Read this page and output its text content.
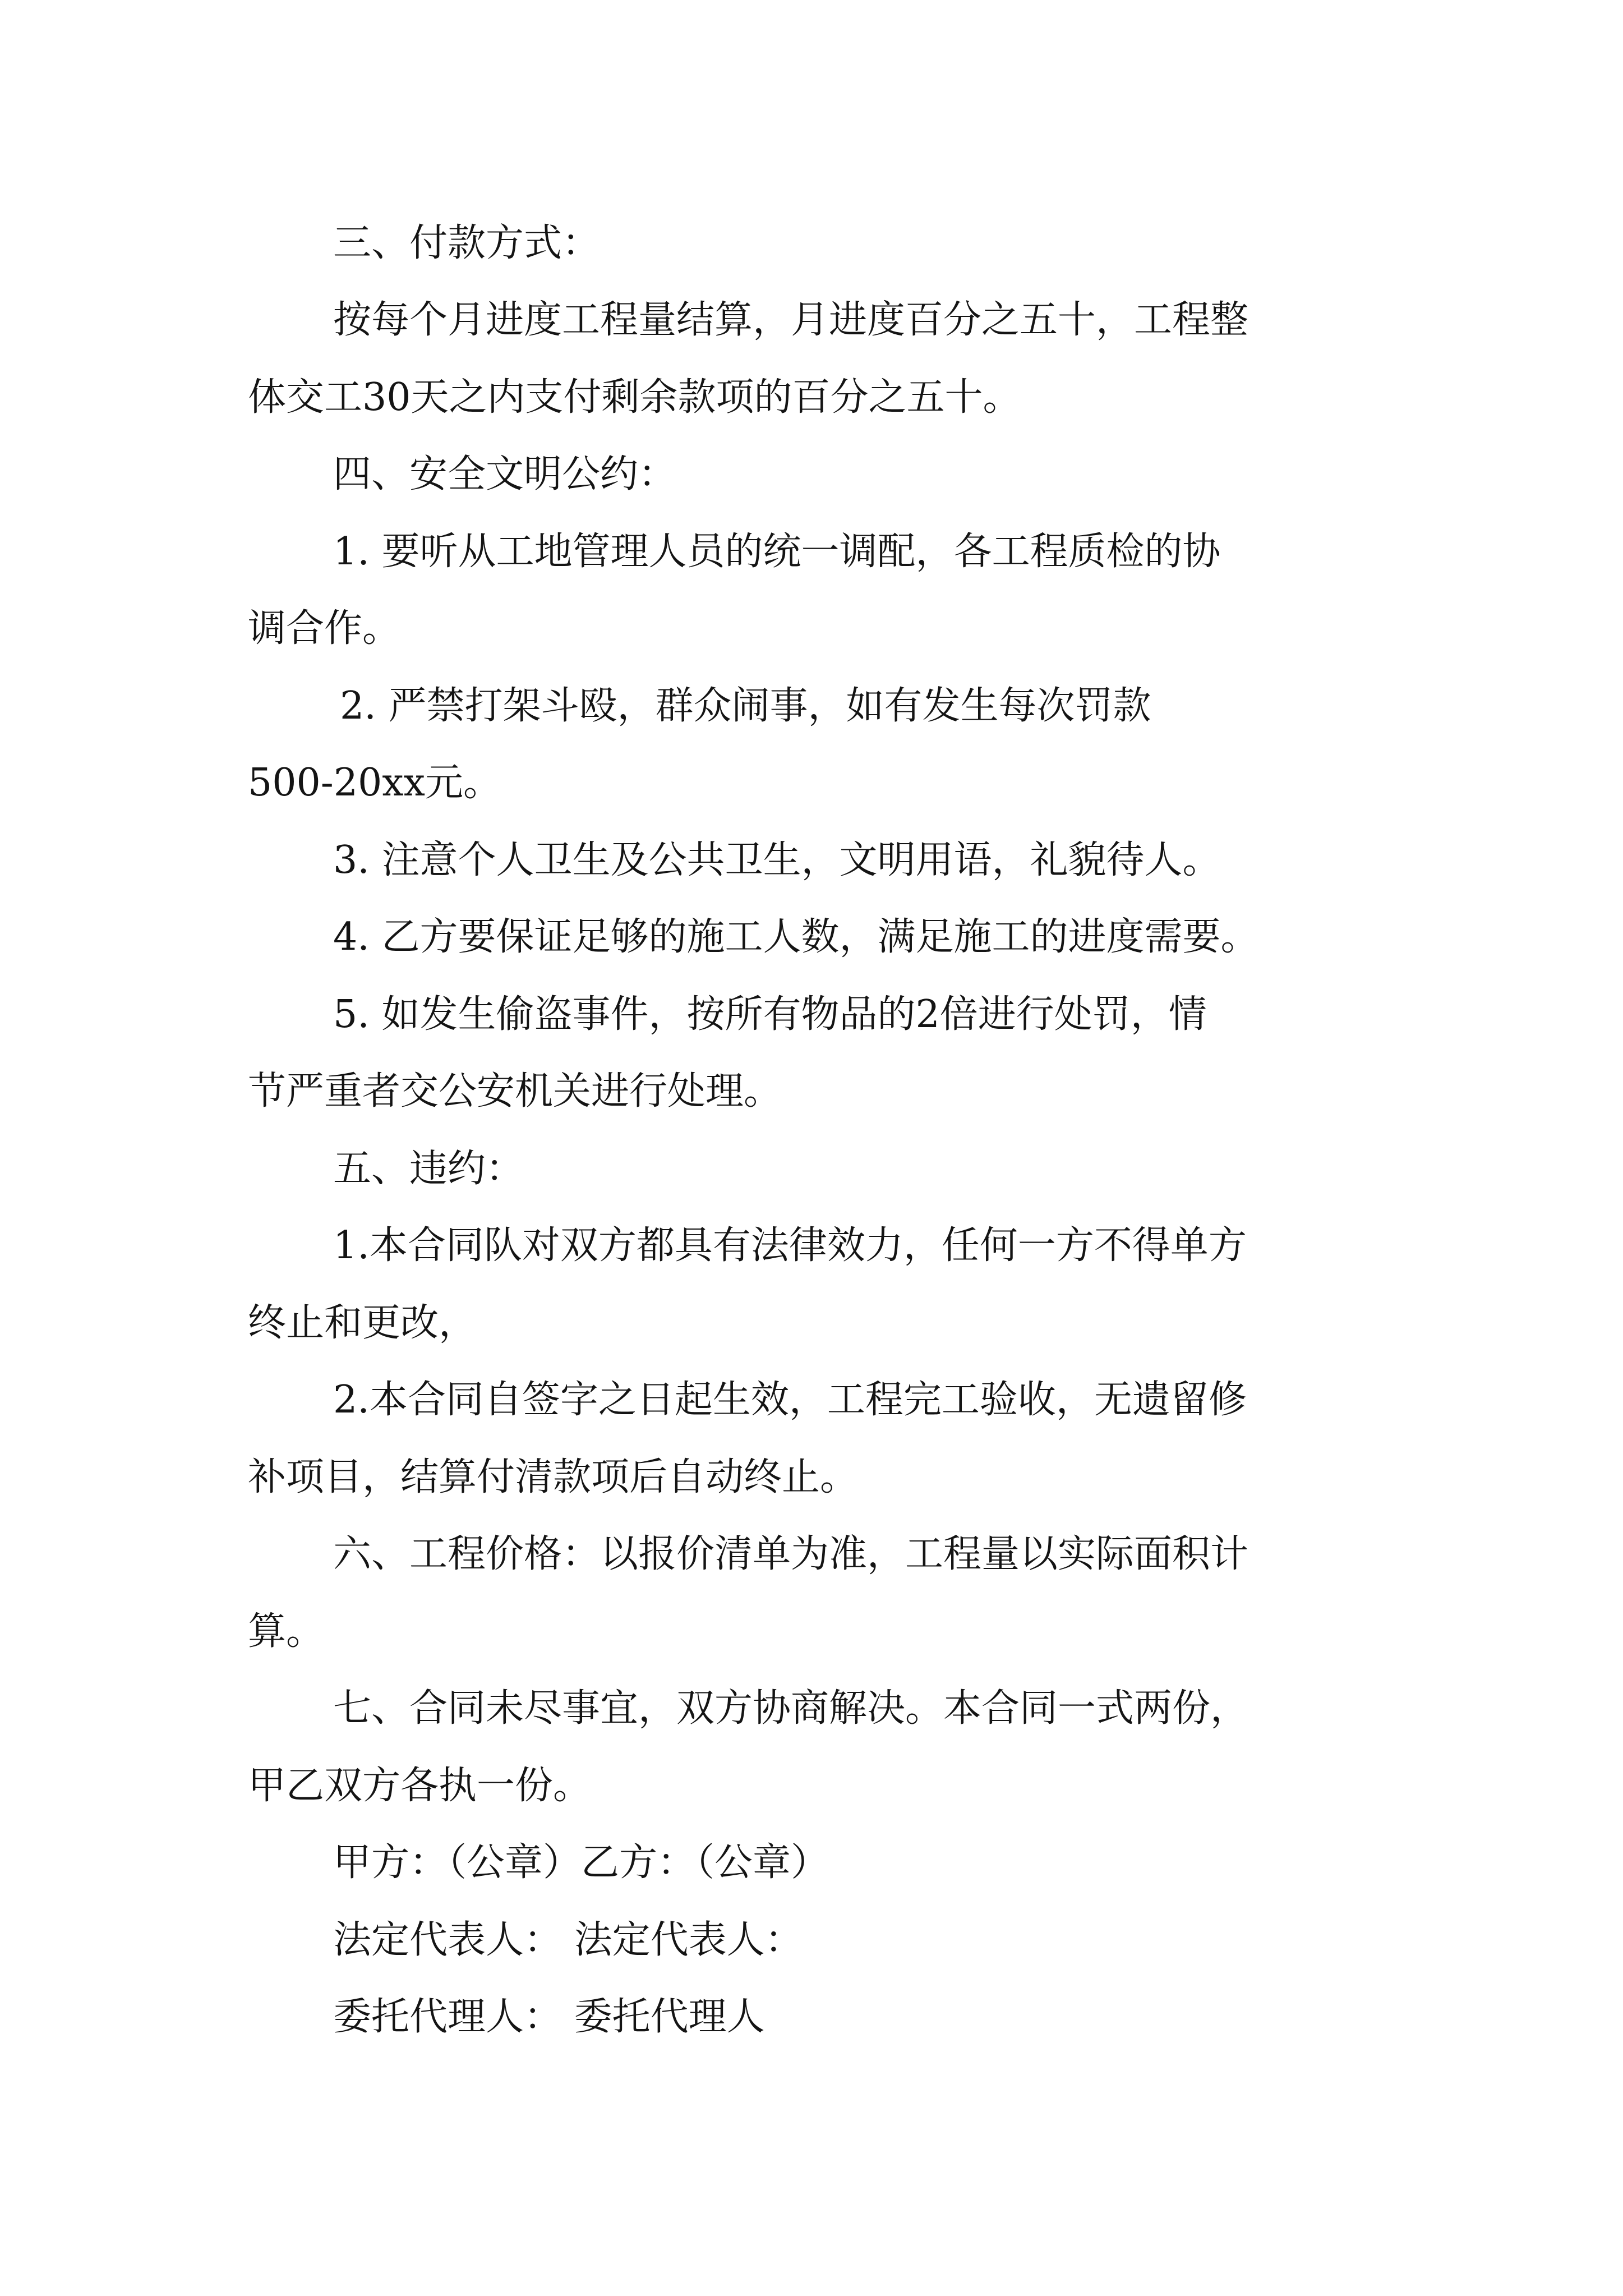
三、付款方式：

按每个月进度工程量结算，月进度百分之五十，工程整

体交工30天之内支付剩余款项的百分之五十。

四、安全文明公约：

1. 要听从工地管理人员的统一调配，各工程质检的协

调合作。

2. 严禁打架斗殴，群众闹事，如有发生每次罚款

500-20xx元。

3. 注意个人卫生及公共卫生，文明用语，礼貌待人。

4. 乙方要保证足够的施工人数，满足施工的进度需要。

5. 如发生偷盗事件，按所有物品的2倍进行处罚，情

节严重者交公安机关进行处理。

五、违约：

1.本合同队对双方都具有法律效力，任何一方不得单方

终止和更改，

2.本合同自签字之日起生效，工程完工验收，无遗留修

补项目，结算付清款项后自动终止。

六、工程价格：以报价清单为准，工程量以实际面积计

算。

七、合同未尽事宜，双方协商解决。本合同一式两份，

甲乙双方各执一份。

甲方：（公章）乙方：（公章）

法定代表人： 法定代表人：

委托代理人： 委托代理人
